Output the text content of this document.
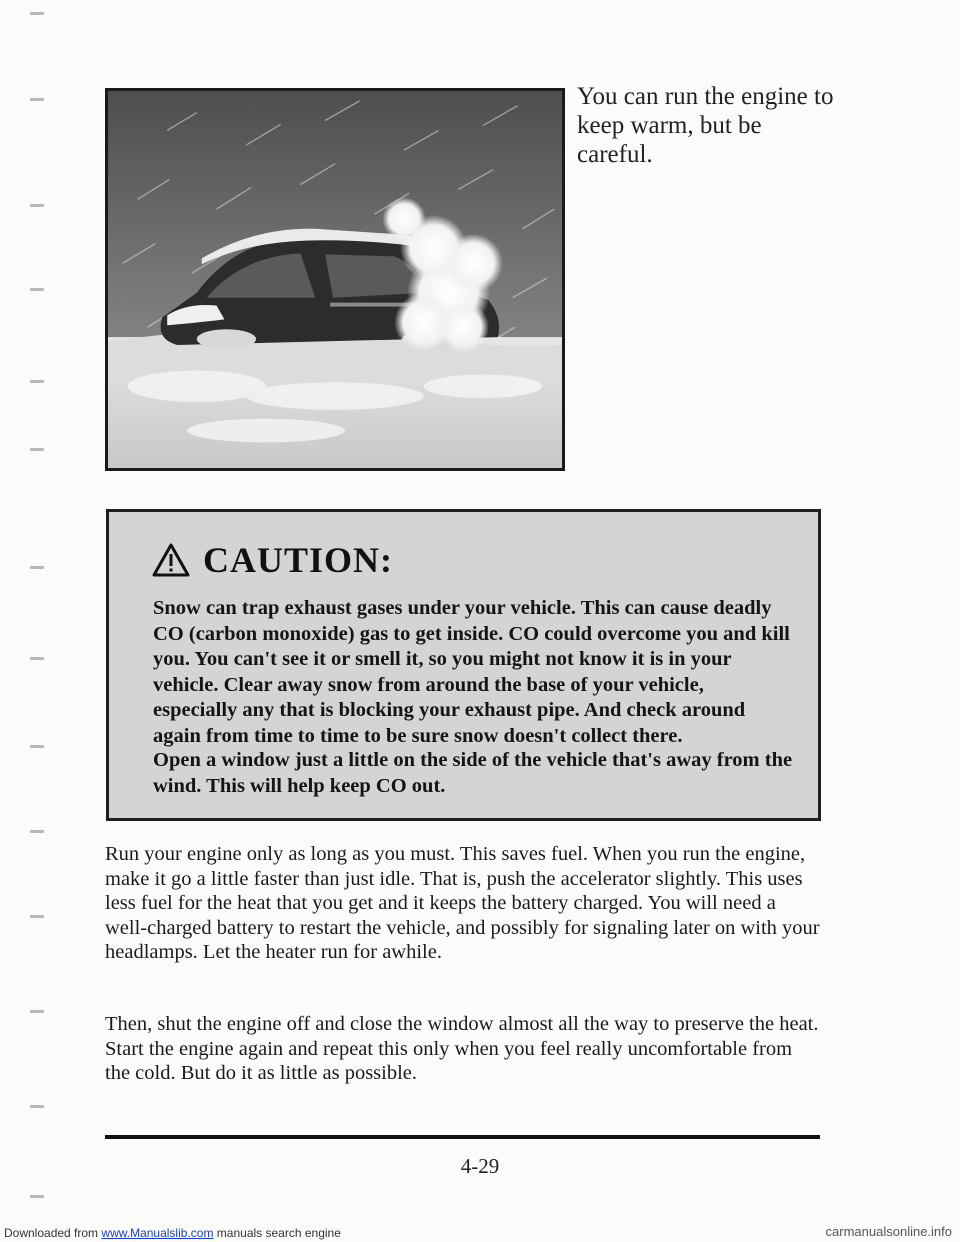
You can run the engine to keep warm, but be careful.
CAUTION:

Snow can trap exhaust gases under your vehicle. This can cause deadly CO (carbon monoxide) gas to get inside. CO could overcome you and kill you. You can't see it or smell it, so you might not know it is in your vehicle. Clear away snow from around the base of your vehicle, especially any that is blocking your exhaust pipe. And check around again from time to time to be sure snow doesn't collect there.

Open a window just a little on the side of the vehicle that's away from the wind. This will help keep CO out.

Run your engine only as long as you must. This saves fuel. When you run the engine, make it go a little faster than just idle. That is, push the accelerator slightly. This uses less fuel for the heat that you get and it keeps the battery charged. You will need a well-charged battery to restart the vehicle, and possibly for signaling later on with your headlamps. Let the heater run for awhile.

Then, shut the engine off and close the window almost all the way to preserve the heat. Start the engine again and repeat this only when you feel really uncomfortable from the cold. But do it as little as possible.

4-29
Downloaded from www.Manualslib.com manuals search engine	carmanualsonline.info
